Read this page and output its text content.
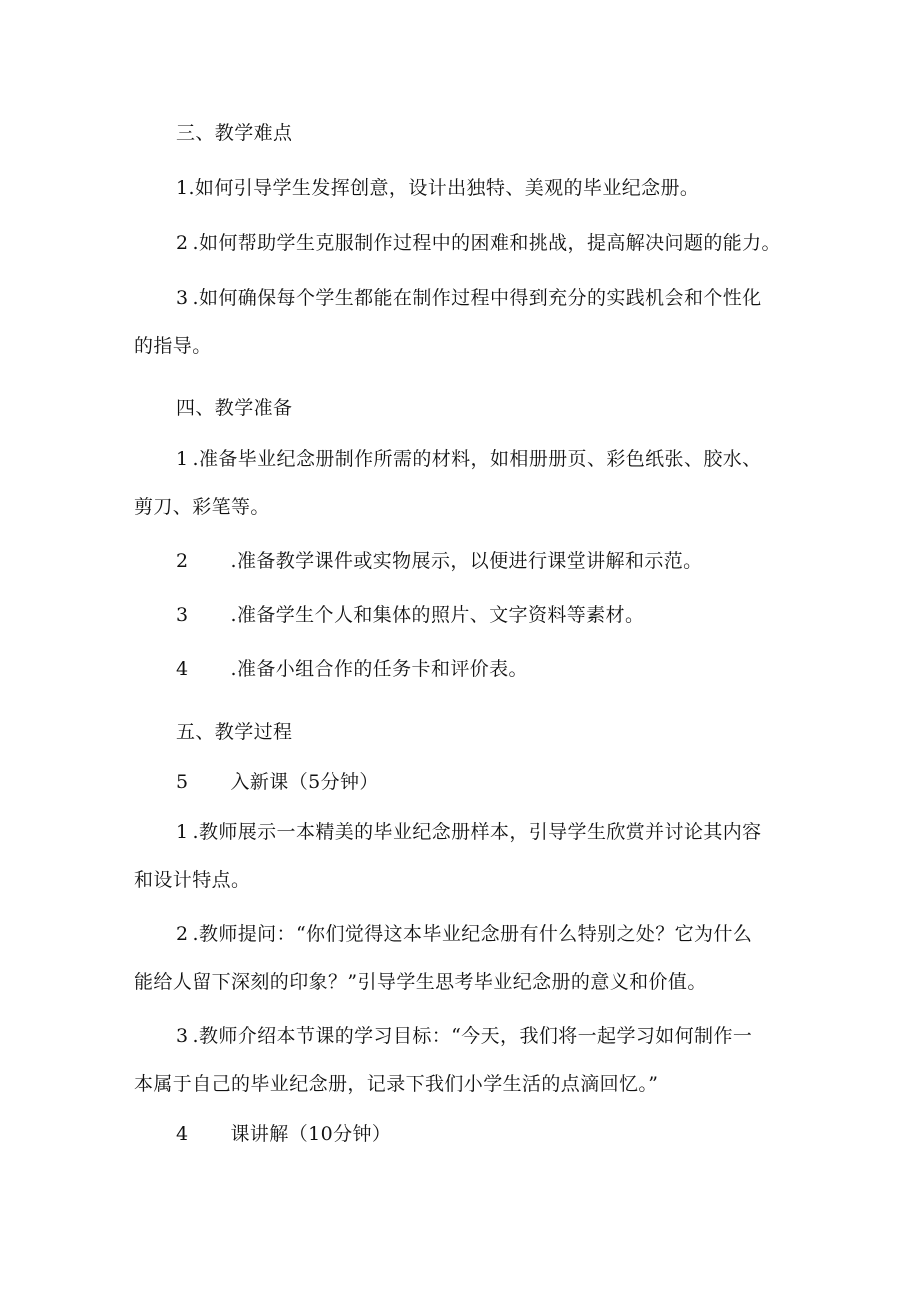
三、教学难点
1.如何引导学生发挥创意，设计出独特、美观的毕业纪念册。
2 .如何帮助学生克服制作过程中的困难和挑战，提高解决问题的能力。
3 .如何确保每个学生都能在制作过程中得到充分的实践机会和个性化
的指导。
四、教学准备
1 .准备毕业纪念册制作所需的材料，如相册册页、彩色纸张、胶水、
剪刀、彩笔等。
2 .准备教学课件或实物展示，以便进行课堂讲解和示范。
3 .准备学生个人和集体的照片、文字资料等素材。
4 .准备小组合作的任务卡和评价表。
五、教学过程
5 入新课（5分钟）
1 .教师展示一本精美的毕业纪念册样本，引导学生欣赏并讨论其内容
和设计特点。
2 .教师提问：“你们觉得这本毕业纪念册有什么特别之处？它为什么
能给人留下深刻的印象？”引导学生思考毕业纪念册的意义和价值。
3 .教师介绍本节课的学习目标：“今天，我们将一起学习如何制作一
本属于自己的毕业纪念册，记录下我们小学生活的点滴回忆。”
4 课讲解（10分钟）
